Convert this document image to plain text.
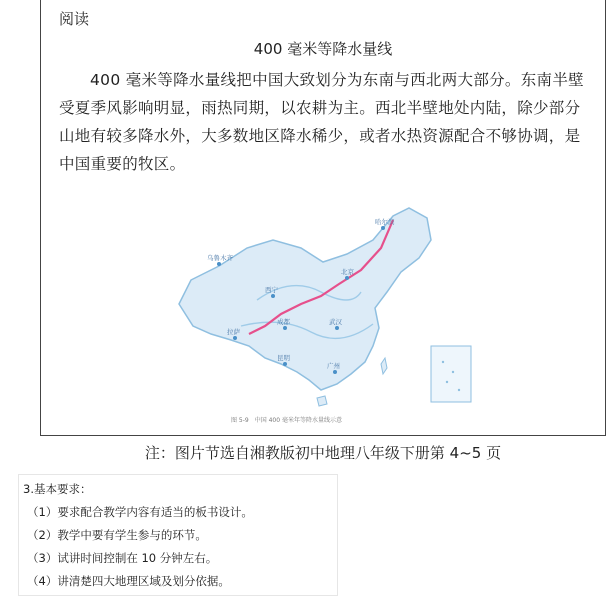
阅读
400 毫米等降水量线
400 毫米等降水量线把中国大致划分为东南与西北两大部分。东南半壁受夏季风影响明显，雨热同期，以农耕为主。西北半壁地处内陆，除少部分山地有较多降水外，大多数地区降水稀少，或者水热资源配合不够协调，是中国重要的牧区。
哈尔滨
乌鲁木齐
北京
西宁
成都
拉萨
武汉
昆明
广州
图 5-9　中国 400 毫米年等降水量线示意
注：图片节选自湘教版初中地理八年级下册第 4~5 页
3.基本要求：
（1）要求配合教学内容有适当的板书设计。
（2）教学中要有学生参与的环节。
（3）试讲时间控制在 10 分钟左右。
（4）讲清楚四大地理区域及划分依据。
